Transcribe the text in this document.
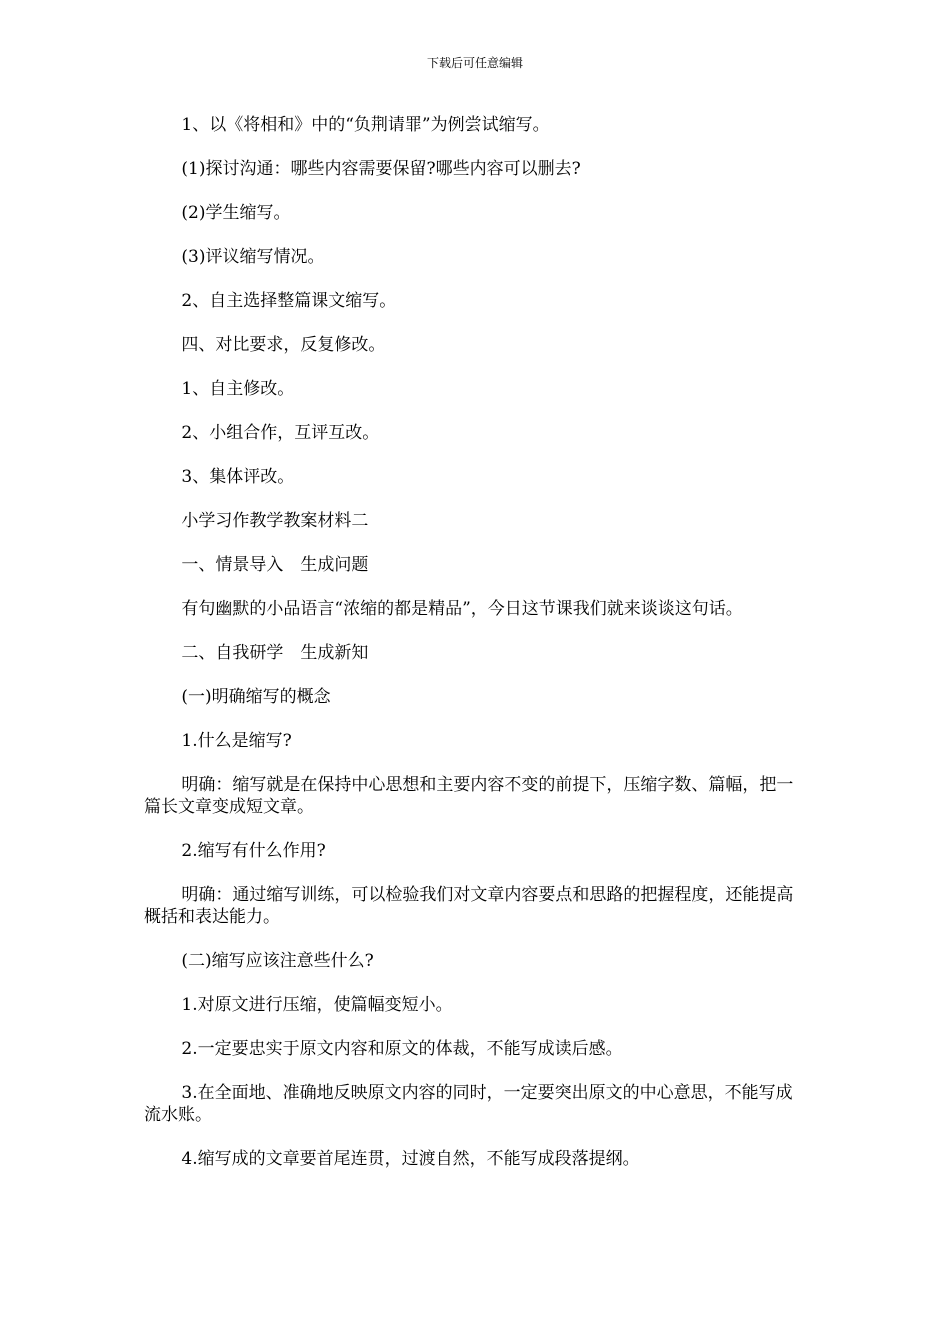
下载后可任意编辑

1、以《将相和》中的“负荆请罪”为例尝试缩写。

(1)探讨沟通：哪些内容需要保留?哪些内容可以删去?

(2)学生缩写。

(3)评议缩写情况。

2、自主选择整篇课文缩写。

四、对比要求，反复修改。

1、自主修改。

2、小组合作，互评互改。

3、集体评改。

小学习作教学教案材料二

一、情景导入　生成问题

有句幽默的小品语言“浓缩的都是精品”，今日这节课我们就来谈谈这句话。

二、自我研学　生成新知

(一)明确缩写的概念

1.什么是缩写?

明确：缩写就是在保持中心思想和主要内容不变的前提下，压缩字数、篇幅，把一篇长文章变成短文章。

2.缩写有什么作用?

明确：通过缩写训练，可以检验我们对文章内容要点和思路的把握程度，还能提高概括和表达能力。

(二)缩写应该注意些什么?

1.对原文进行压缩，使篇幅变短小。

2.一定要忠实于原文内容和原文的体裁，不能写成读后感。

3.在全面地、准确地反映原文内容的同时，一定要突出原文的中心意思，不能写成流水账。

4.缩写成的文章要首尾连贯，过渡自然，不能写成段落提纲。
